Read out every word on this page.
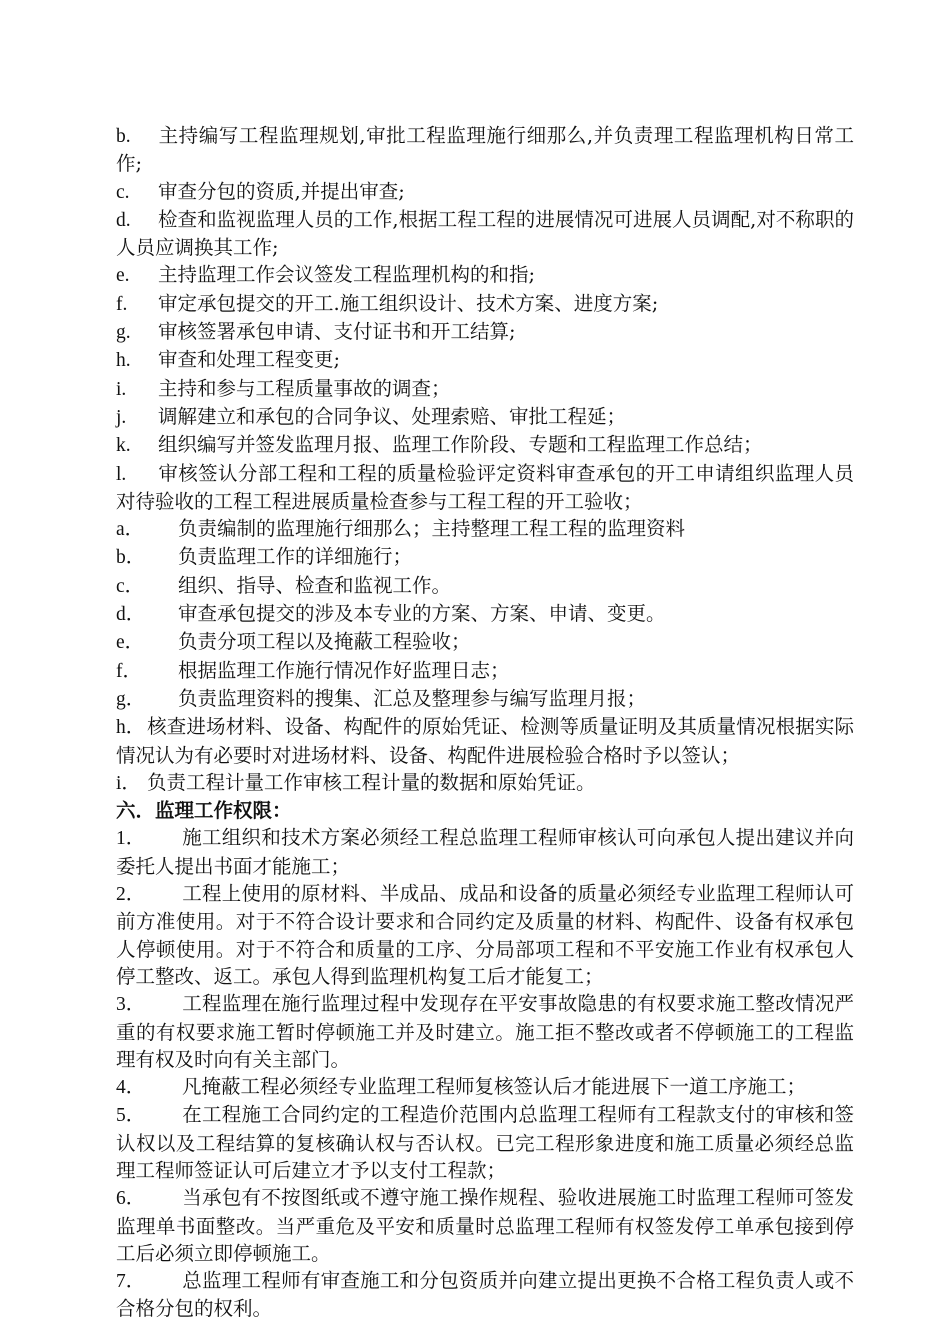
b. 主持编写工程监理规划,审批工程监理施行细那么,并负责理工程监理机构日常工作;

c. 审查分包的资质,并提出审查;

d. 检查和监视监理人员的工作,根据工程工程的进展情况可进展人员调配,对不称职的人员应调换其工作;

e. 主持监理工作会议签发工程监理机构的和指;

f. 审定承包提交的开工.施工组织设计、技术方案、进度方案;

g. 审核签署承包申请、支付证书和开工结算;

h. 审查和处理工程变更;

i. 主持和参与工程质量事故的调查；

j. 调解建立和承包的合同争议、处理索赔、审批工程延；

k. 组织编写并签发监理月报、监理工作阶段、专题和工程监理工作总结；

l. 审核签认分部工程和工程的质量检验评定资料审查承包的开工申请组织监理人员对待验收的工程工程进展质量检查参与工程工程的开工验收；

a． 负责编制的监理施行细那么；主持整理工程工程的监理资料

b． 负责监理工作的详细施行；

c． 组织、指导、检查和监视工作。

d． 审查承包提交的涉及本专业的方案、方案、申请、变更。

e． 负责分项工程以及掩蔽工程验收；

f． 根据监理工作施行情况作好监理日志；

g． 负责监理资料的搜集、汇总及整理参与编写监理月报；

h．核查进场材料、设备、构配件的原始凭证、检测等质量证明及其质量情况根据实际情况认为有必要时对进场材料、设备、构配件进展检验合格时予以签认；

i． 负责工程计量工作审核工程计量的数据和原始凭证。

六．监理工作权限：

1． 施工组织和技术方案必须经工程总监理工程师审核认可向承包人提出建议并向委托人提出书面才能施工；

2． 工程上使用的原材料、半成品、成品和设备的质量必须经专业监理工程师认可前方准使用。对于不符合设计要求和合同约定及质量的材料、构配件、设备有权承包人停顿使用。对于不符合和质量的工序、分局部项工程和不平安施工作业有权承包人停工整改、返工。承包人得到监理机构复工后才能复工；

3． 工程监理在施行监理过程中发现存在平安事故隐患的有权要求施工整改情况严重的有权要求施工暂时停顿施工并及时建立。施工拒不整改或者不停顿施工的工程监理有权及时向有关主部门。

4． 凡掩蔽工程必须经专业监理工程师复核签认后才能进展下一道工序施工；

5． 在工程施工合同约定的工程造价范围内总监理工程师有工程款支付的审核和签认权以及工程结算的复核确认权与否认权。已完工程形象进度和施工质量必须经总监理工程师签证认可后建立才予以支付工程款；

6． 当承包有不按图纸或不遵守施工操作规程、验收进展施工时监理工程师可签发监理单书面整改。当严重危及平安和质量时总监理工程师有权签发停工单承包接到停工后必须立即停顿施工。

7． 总监理工程师有审查施工和分包资质并向建立提出更换不合格工程负责人或不合格分包的权利。
